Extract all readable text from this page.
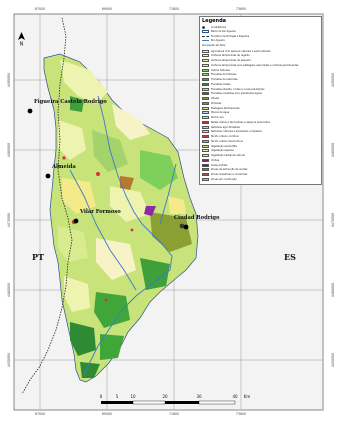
67000	69400	71800	73600
67000	69400	71800	73600
4490000
4480000
4470000
4460000
4450000
4490000
4480000
4470000
4460000
4450000
N
Figueira Castelo Rodrigo
Almeida
Vilar Formoso
Ciudad Rodrigo
PT	ES
0	5	10	20	30	40 Km
Legenda
Local/Núcleo
Bacia do Rio Águeda
Fronteira de Portugal e Espanha
Rio Águeda
Ocupação do Solo
Agricultura com espaços naturais e semi-naturais
Culturas temporárias de regadio
Culturas temporárias de sequeiro
Culturas temporárias e/ou pastagens associadas a culturas permanentes
Outras folhosas
Florestas de folhosas
Florestas de resinosas
Florestas mistas
Florestas abertas, cortes e novas plantações
Florestas invadidas e/ou plantações aguas
Olivais
Pomares
Pastagens Permanentes
Planos de água
Rocha nua
Redes viárias e ferroviárias e espaços associados
Sistemas agro-florestais
Sistemas culturais e parcelares complexos
Tecido urbano contínuo
Tecido urbano descontínuo
Vegetação esclerófita
Vegetação esparsa
Vegetação herbácea natural
Vinhas
Áreas ardidas
Zonas de extracção de inertes
Zonas industriais e comerciais
Zonas em construção
